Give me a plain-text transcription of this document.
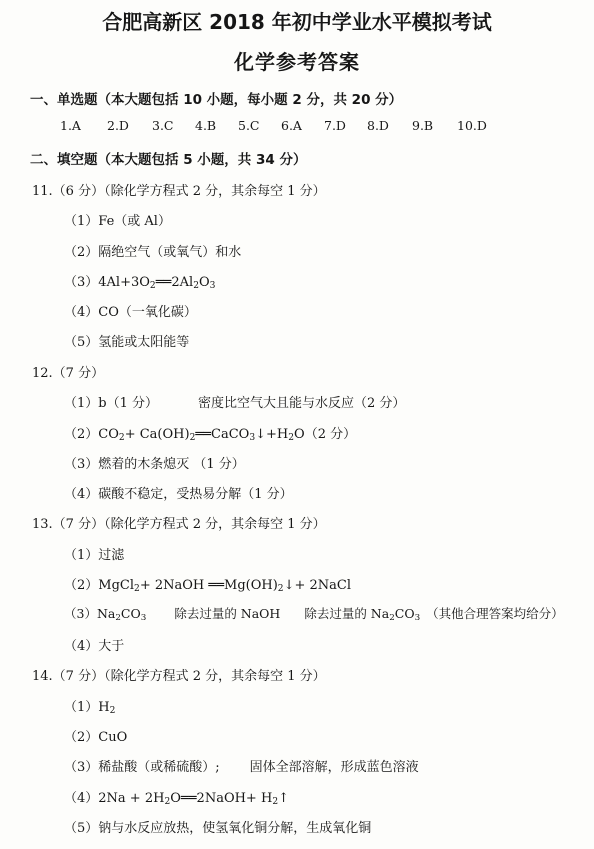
合肥高新区 2018 年初中学业水平模拟考试
化学参考答案
一、单选题（本大题包括 10 小题，每小题 2 分，共 20 分）
1.A 2.D 3.C 4.B 5.C 6.A 7.D 8.D 9.B 10.D
二、填空题（本大题包括 5 小题，共 34 分）
11.（6 分）（除化学方程式 2 分，其余每空 1 分）
（1）Fe（或 Al）
（2）隔绝空气（或氧气）和水
$(3)4Al+3O_2══2Al_2O_3$
（4）CO（一氧化碳）
（5）氢能或太阳能等
12.（7 分）
（1）b（1 分）	密度比空气大且能与水反应（2 分）
$(2)CO_2+$ $Ca(OH)_2══CaCO_3↓+H_2O(2$ 分）
（3）燃着的木条熄灭 （1 分）
（4）碳酸不稳定，受热易分解（1 分）
13.（7 分）（除化学方程式 2 分，其余每空 1 分）
（1）过滤
（2）MgCl$_2$+ 2NaOH $══Mg(OH)_2↓+$ 2NaCl
$(3)Na_2CO_3$ 除去过量的 NaOH 除去过量的 $Na_2CO_3$ （其他合理答案均给分）
（4）大于
14.（7 分）（除化学方程式 2 分，其余每空 1 分）
$(1)H_2$
（2）CuO
（3）稀盐酸（或稀硫酸）; 固体全部溶解，形成蓝色溶液
$(4)2Na + 2H_2O══2NaOH+$ $H_2↑$
（5）钠与水反应放热，使氢氧化铜分解，生成氧化铜
